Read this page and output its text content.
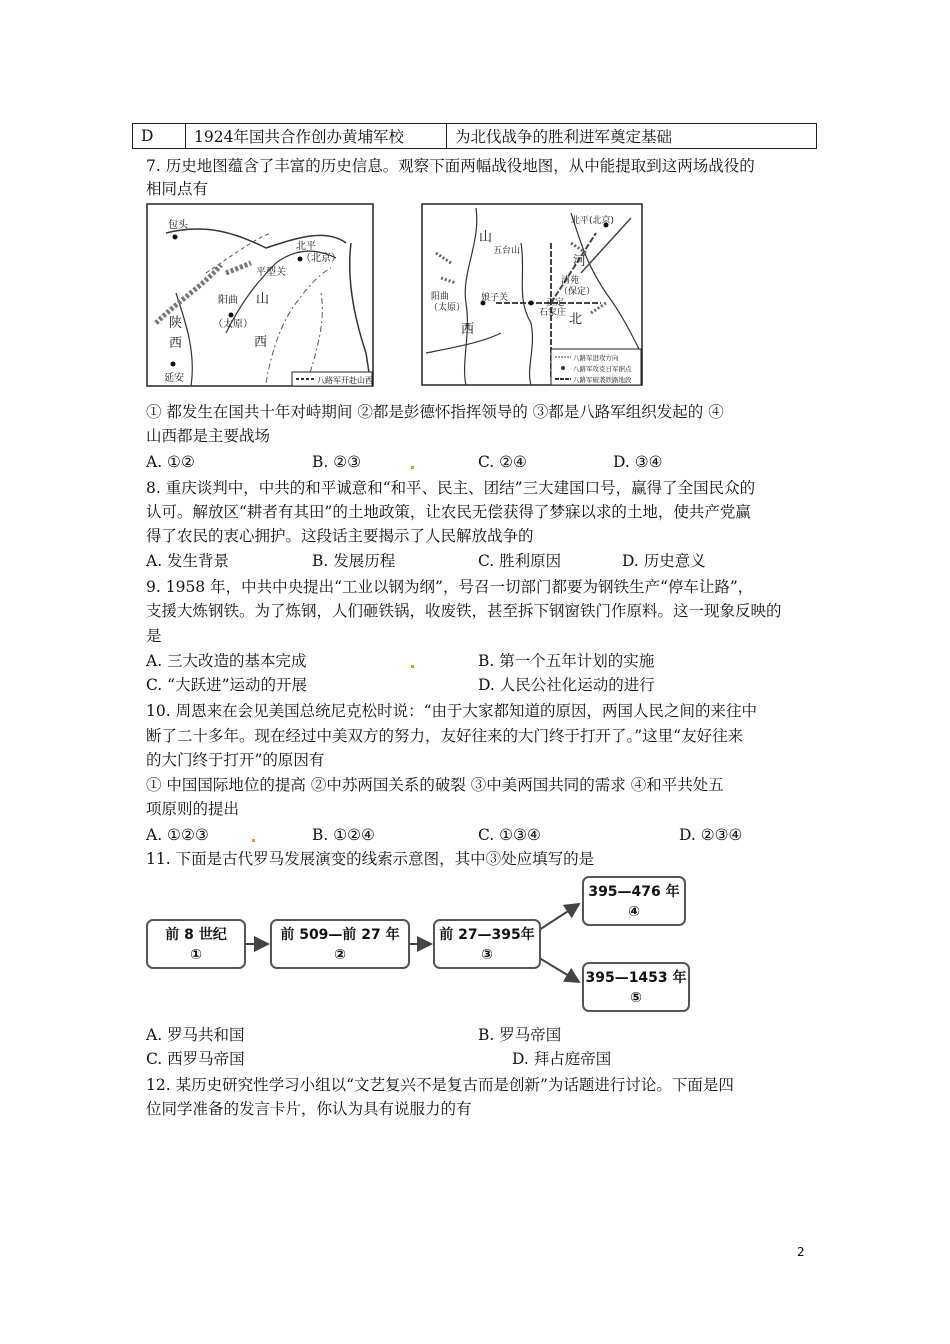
D	1924年国共合作创办黄埔军校	为北伐战争的胜利进军奠定基础
7. 历史地图蕴含了丰富的历史信息。观察下面两幅战役地图，从中能提取到这两场战役的
相同点有
包头
北平
（北京）
平型关
阳曲
（太原）
延安
山
西
陕
西
八路军开赴山西
北平(北京)
五台山
阳曲
（太原）	石家庄
正定
清苑
（保定）
娘子关
山
河
西
北
八路军进攻方向
八路军攻克日军据点
八路军破袭铁路地段
① 都发生在国共十年对峙期间 ②都是彭德怀指挥领导的 ③都是八路军组织发起的 ④
山西都是主要战场
A. ①②	B. ②③	C. ②④	D. ③④
8. 重庆谈判中，中共的和平诚意和“和平、民主、团结”三大建国口号，赢得了全国民众的
认可。解放区“耕者有其田”的土地政策，让农民无偿获得了梦寐以求的土地，使共产党赢
得了农民的衷心拥护。这段话主要揭示了人民解放战争的
A. 发生背景	B. 发展历程	C. 胜利原因	D. 历史意义
9. 1958 年，中共中央提出“工业以钢为纲”，号召一切部门都要为钢铁生产“停车让路”，
支援大炼钢铁。为了炼钢，人们砸铁锅，收废铁，甚至拆下钢窗铁门作原料。这一现象反映的
是
A. 三大改造的基本完成	B. 第一个五年计划的实施
C. “大跃进”运动的开展	D. 人民公社化运动的进行
10. 周恩来在会见美国总统尼克松时说：“由于大家都知道的原因，两国人民之间的来往中
断了二十多年。现在经过中美双方的努力，友好往来的大门终于打开了。”这里“友好往来
的大门终于打开”的原因有
① 中国国际地位的提高 ②中苏两国关系的破裂 ③中美两国共同的需求 ④和平共处五
项原则的提出
A. ①②③	B. ①②④	C. ①③④	D. ②③④
11. 下面是古代罗马发展演变的线索示意图，其中③处应填写的是
前 8 世纪
①
前 509—前 27 年
②
前 27—395年
③
395—476 年
④
395—1453 年
⑤
A. 罗马共和国	B. 罗马帝国
C. 西罗马帝国	D. 拜占庭帝国
12. 某历史研究性学习小组以“文艺复兴不是复古而是创新”为话题进行讨论。下面是四
位同学准备的发言卡片，你认为具有说服力的有
2
